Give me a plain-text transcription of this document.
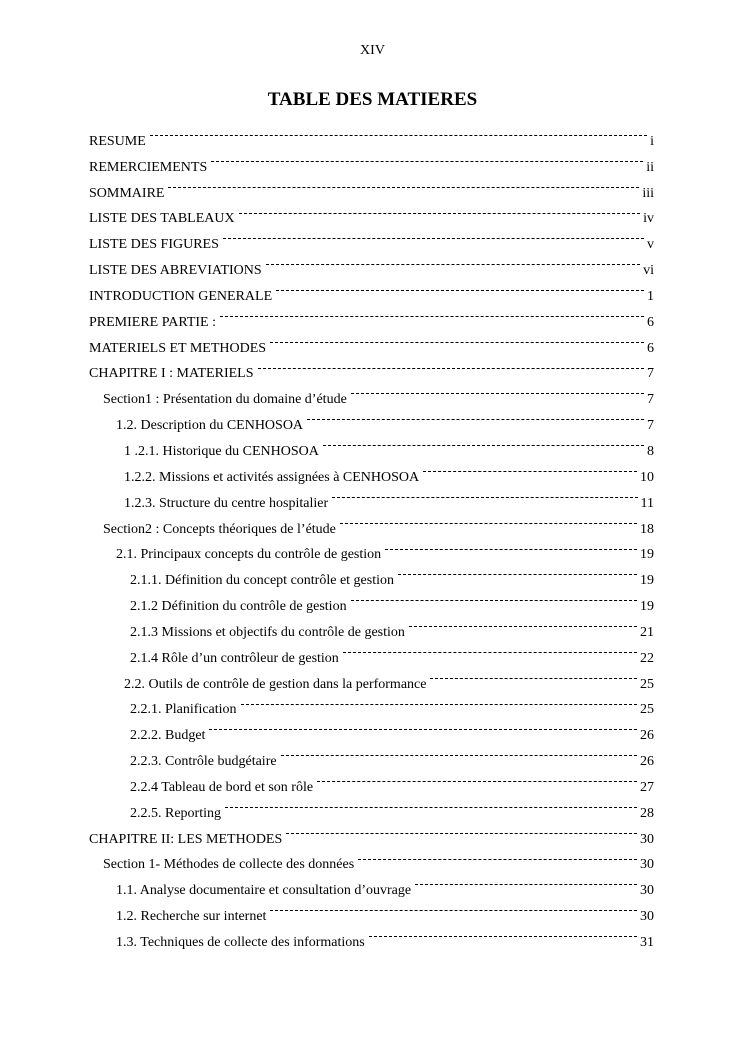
XIV
TABLE DES MATIERES
RESUME	i
REMERCIEMENTS	ii
SOMMAIRE	iii
LISTE DES TABLEAUX	iv
LISTE DES FIGURES	v
LISTE DES ABREVIATIONS	vi
INTRODUCTION GENERALE	1
PREMIERE PARTIE :	6
MATERIELS ET METHODES	6
CHAPITRE I : MATERIELS	7
Section1 : Présentation du domaine d’étude	7
1.2. Description du CENHOSOA	7
1 .2.1. Historique du CENHOSOA	8
1.2.2. Missions et activités assignées à CENHOSOA	10
1.2.3. Structure du centre hospitalier	11
Section2 : Concepts théoriques de l’étude	18
2.1. Principaux concepts du contrôle de gestion	19
2.1.1. Définition du concept contrôle et gestion	19
2.1.2 Définition du contrôle de gestion	19
2.1.3 Missions et objectifs du contrôle de gestion	21
2.1.4 Rôle d’un contrôleur de gestion	22
2.2. Outils de contrôle de gestion dans la performance	25
2.2.1. Planification	25
2.2.2. Budget	26
2.2.3. Contrôle budgétaire	26
2.2.4 Tableau de bord et son rôle	27
2.2.5. Reporting	28
CHAPITRE II: LES METHODES	30
Section 1- Méthodes de collecte des données	30
1.1. Analyse documentaire et consultation d’ouvrage	30
1.2. Recherche sur internet	30
1.3. Techniques de collecte des informations	31
